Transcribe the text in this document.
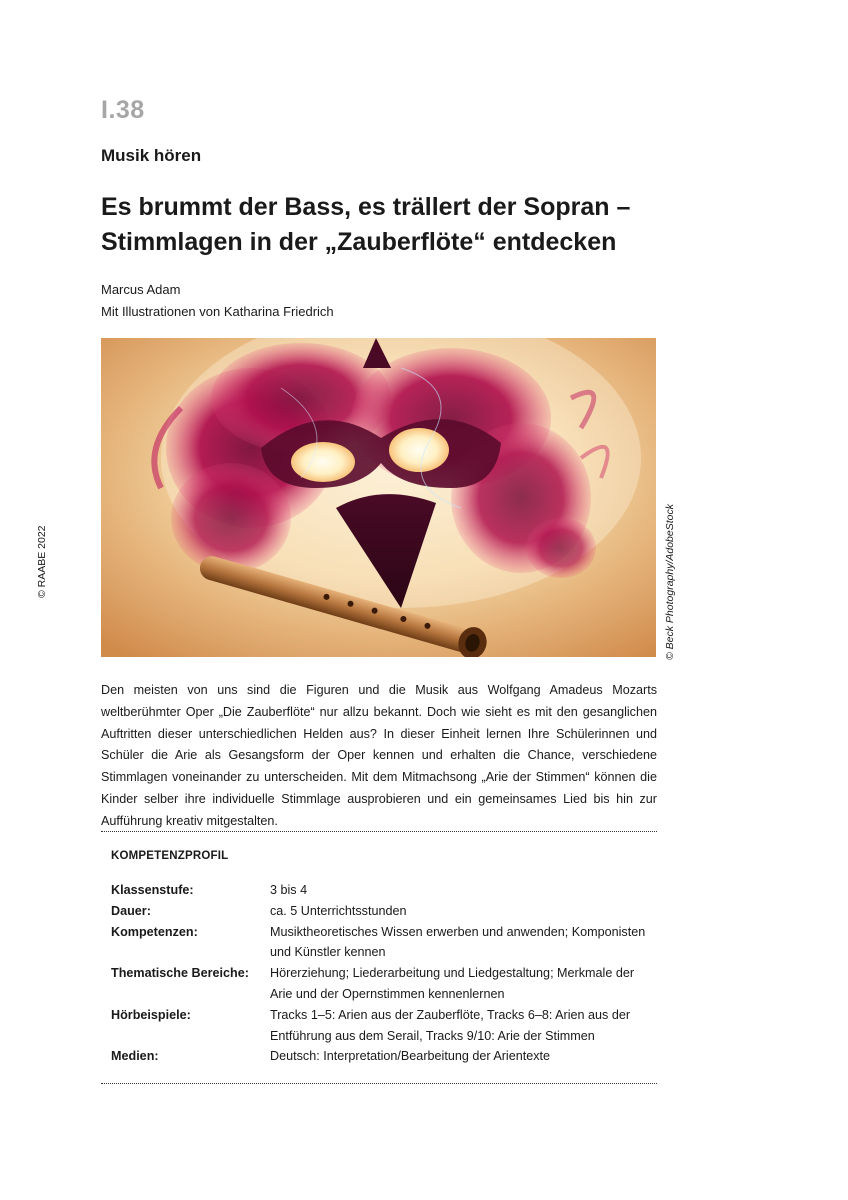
I.38
Musik hören
Es brummt der Bass, es trällert der Sopran –
Stimmlagen in der „Zauberflöte“ entdecken
Marcus Adam
Mit Illustrationen von Katharina Friedrich
© RAABE 2022	© Beck Photography/AdobeStock

Den meisten von uns sind die Figuren und die Musik aus Wolfgang Amadeus Mozarts weltberühmter Oper „Die Zauberflöte“ nur allzu bekannt. Doch wie sieht es mit den gesanglichen Auftritten dieser unterschiedlichen Helden aus? In dieser Einheit lernen Ihre Schülerinnen und Schüler die Arie als Gesangsform der Oper kennen und erhalten die Chance, verschiedene Stimmlagen voneinander zu unterscheiden. Mit dem Mitmachsong „Arie der Stimmen“ können die Kinder selber ihre individuelle Stimmlage ausprobieren und ein gemeinsames Lied bis hin zur Aufführung kreativ mitgestalten.

KOMPETENZPROFIL
Klassenstufe:	3 bis 4
Dauer:	ca. 5 Unterrichtsstunden
Kompetenzen:	Musiktheoretisches Wissen erwerben und anwenden; Komponisten und Künstler kennen
Thematische Bereiche:	Hörerziehung; Liederarbeitung und Liedgestaltung; Merkmale der Arie und der Opernstimmen kennenlernen
Hörbeispiele:	Tracks 1–5: Arien aus der Zauberflöte, Tracks 6–8: Arien aus der Entführung aus dem Serail, Tracks 9/10: Arie der Stimmen
Medien:	Deutsch: Interpretation/Bearbeitung der Arientexte
